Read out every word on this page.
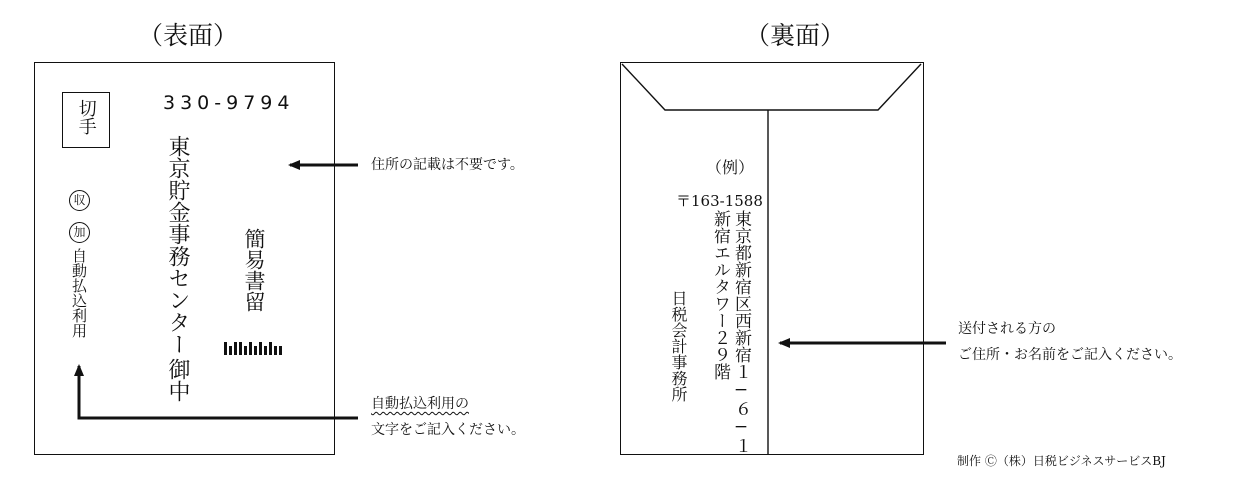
（表面）
切手	330-9794
東京貯金事務センター
御中
簡易書留
収
加
自動払込利用
住所の記載は不要です。
自動払込利用の
文字をご記入ください。
（裏面）
（例）
〒163-1588
東京都新宿区西新宿１−６−１
新宿エルタワー２９階
日税会計事務所	送付される方の
ご住所・お名前をご記入ください。
制作 Ⓒ（株）日税ビジネスサービスBJ
